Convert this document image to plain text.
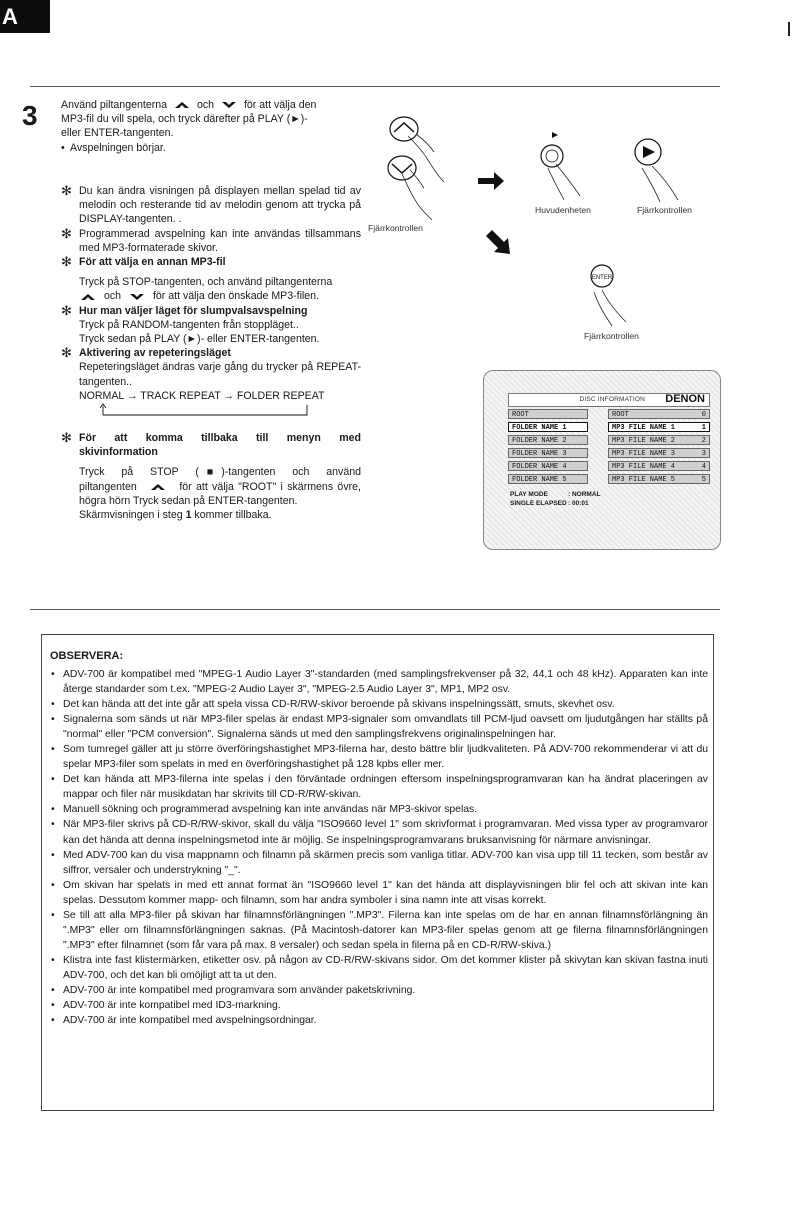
A
3 Använd piltangenterna	och	för att välja den

MP3-fil du vill spela, och tryck därefter på PLAY (►)-

eller ENTER-tangenten.

•  Avspelningen börjar.

✻ Du kan ändra visningen på displayen mellan spelad tid av melodin och resterande tid av melodin genom att trycka på DISPLAY-tangenten. .

✻ Programmerad avspelning kan inte användas tillsammans med MP3-formaterade skivor.

✻ För att välja en annan MP3-fil

Tryck på STOP-tangenten, och använd piltangenterna

och	för att välja den önskade MP3-filen.

✻ Hur man väljer läget för slumpvalsavspelning

Tryck på RANDOM-tangenten från stoppläget..

Tryck sedan på PLAY (►)- eller ENTER-tangenten.

✻ Aktivering av repeteringsläget

Repeteringsläget ändras varje gång du trycker på REPEAT-tangenten..

NORMAL → TRACK REPEAT → FOLDER REPEAT

✻ För att komma tillbaka till menyn med skivinformation

Tryck på STOP (■)-tangenten och använd piltangenten	för att välja "ROOT" i skärmens övre, högra hörn Tryck sedan på ENTER-tangenten.

Skärmvisningen i steg 1 kommer tillbaka.

ENTER
Fjärrkontrollen
Huvudenheten	Fjärrkontrollen
Fjärrkontrollen
DISC INFORMATION DENON
ROOT
FOLDER NAME 1
FOLDER NAME 2
FOLDER NAME 3
FOLDER NAME 4
FOLDER NAME 5
ROOT	0
MP3 FILE NAME 1	1
MP3 FILE NAME 2	2
MP3 FILE NAME 3	3
MP3 FILE NAME 4	4
MP3 FILE NAME 5	5
PLAY MODE	: NORMAL
SINGLE ELAPSED: 00:01
OBSERVERA:
• ADV-700 är kompatibel med "MPEG-1 Audio Layer 3"-standarden (med samplingsfrekvenser på 32, 44,1 och 48 kHz). Apparaten kan inte återge standarder som t.ex. "MPEG-2 Audio Layer 3", "MPEG-2.5 Audio Layer 3", MP1, MP2 osv.
• Det kan hända att det inte går att spela vissa CD-R/RW-skivor beroende på skivans inspelningssätt, smuts, skevhet osv.
• Signalerna som sänds ut när MP3-filer spelas är endast MP3-signaler som omvandlats till PCM-ljud oavsett om ljudutgången har ställts på "normal" eller "PCM conversion". Signalerna sänds ut med den samplingsfrekvens originalinspelningen har.
• Som tumregel gäller att ju större överföringshastighet MP3-filerna har, desto bättre blir ljudkvaliteten. På ADV-700 rekommenderar vi att du spelar MP3-filer som spelats in med en överföringshastighet på 128 kpbs eller mer.
• Det kan hända att MP3-filerna inte spelas i den förväntade ordningen eftersom inspelningsprogramvaran kan ha ändrat placeringen av mappar och filer när musikdatan har skrivits till CD-R/RW-skivan.
• Manuell sökning och programmerad avspelning kan inte användas när MP3-skivor spelas.
• När MP3-filer skrivs på CD-R/RW-skivor, skall du välja "ISO9660 level 1" som skrivformat i programvaran. Med vissa typer av programvaror kan det hända att denna inspelningsmetod inte är möjlig. Se inspelningsprogramvarans bruksanvisning för närmare anvisningar.
• Med ADV-700 kan du visa mappnamn och filnamn på skärmen precis som vanliga titlar. ADV-700 kan visa upp till 11 tecken, som består av siffror, versaler och understrykning "_".
• Om skivan har spelats in med ett annat format än "ISO9660 level 1" kan det hända att displayvisningen blir fel och att skivan inte kan spelas. Dessutom kommer mapp- och filnamn, som har andra symboler i sina namn inte att visas korrekt.
• Se till att alla MP3-filer på skivan har filnamnsförlängningen ".MP3". Filerna kan inte spelas om de har en annan filnamnsförlängning än ".MP3" eller om filnamnsförlängningen saknas. (På Macintosh-datorer kan MP3-filer spelas genom att ge filerna filnamnsförlängningen ".MP3" efter filnamnet (som får vara på max. 8 versaler) och sedan spela in filerna på en CD-R/RW-skiva.)
• Klistra inte fast klistermärken, etiketter osv. på någon av CD-R/RW-skivans sidor. Om det kommer klister på skivytan kan skivan fastna inuti ADV-700, och det kan bli omöjligt att ta ut den.
• ADV-700 är inte kompatibel med programvara som använder paketskrivning.
• ADV-700 är inte kompatibel med ID3-markning.
• ADV-700 är inte kompatibel med avspelningsordningar.
